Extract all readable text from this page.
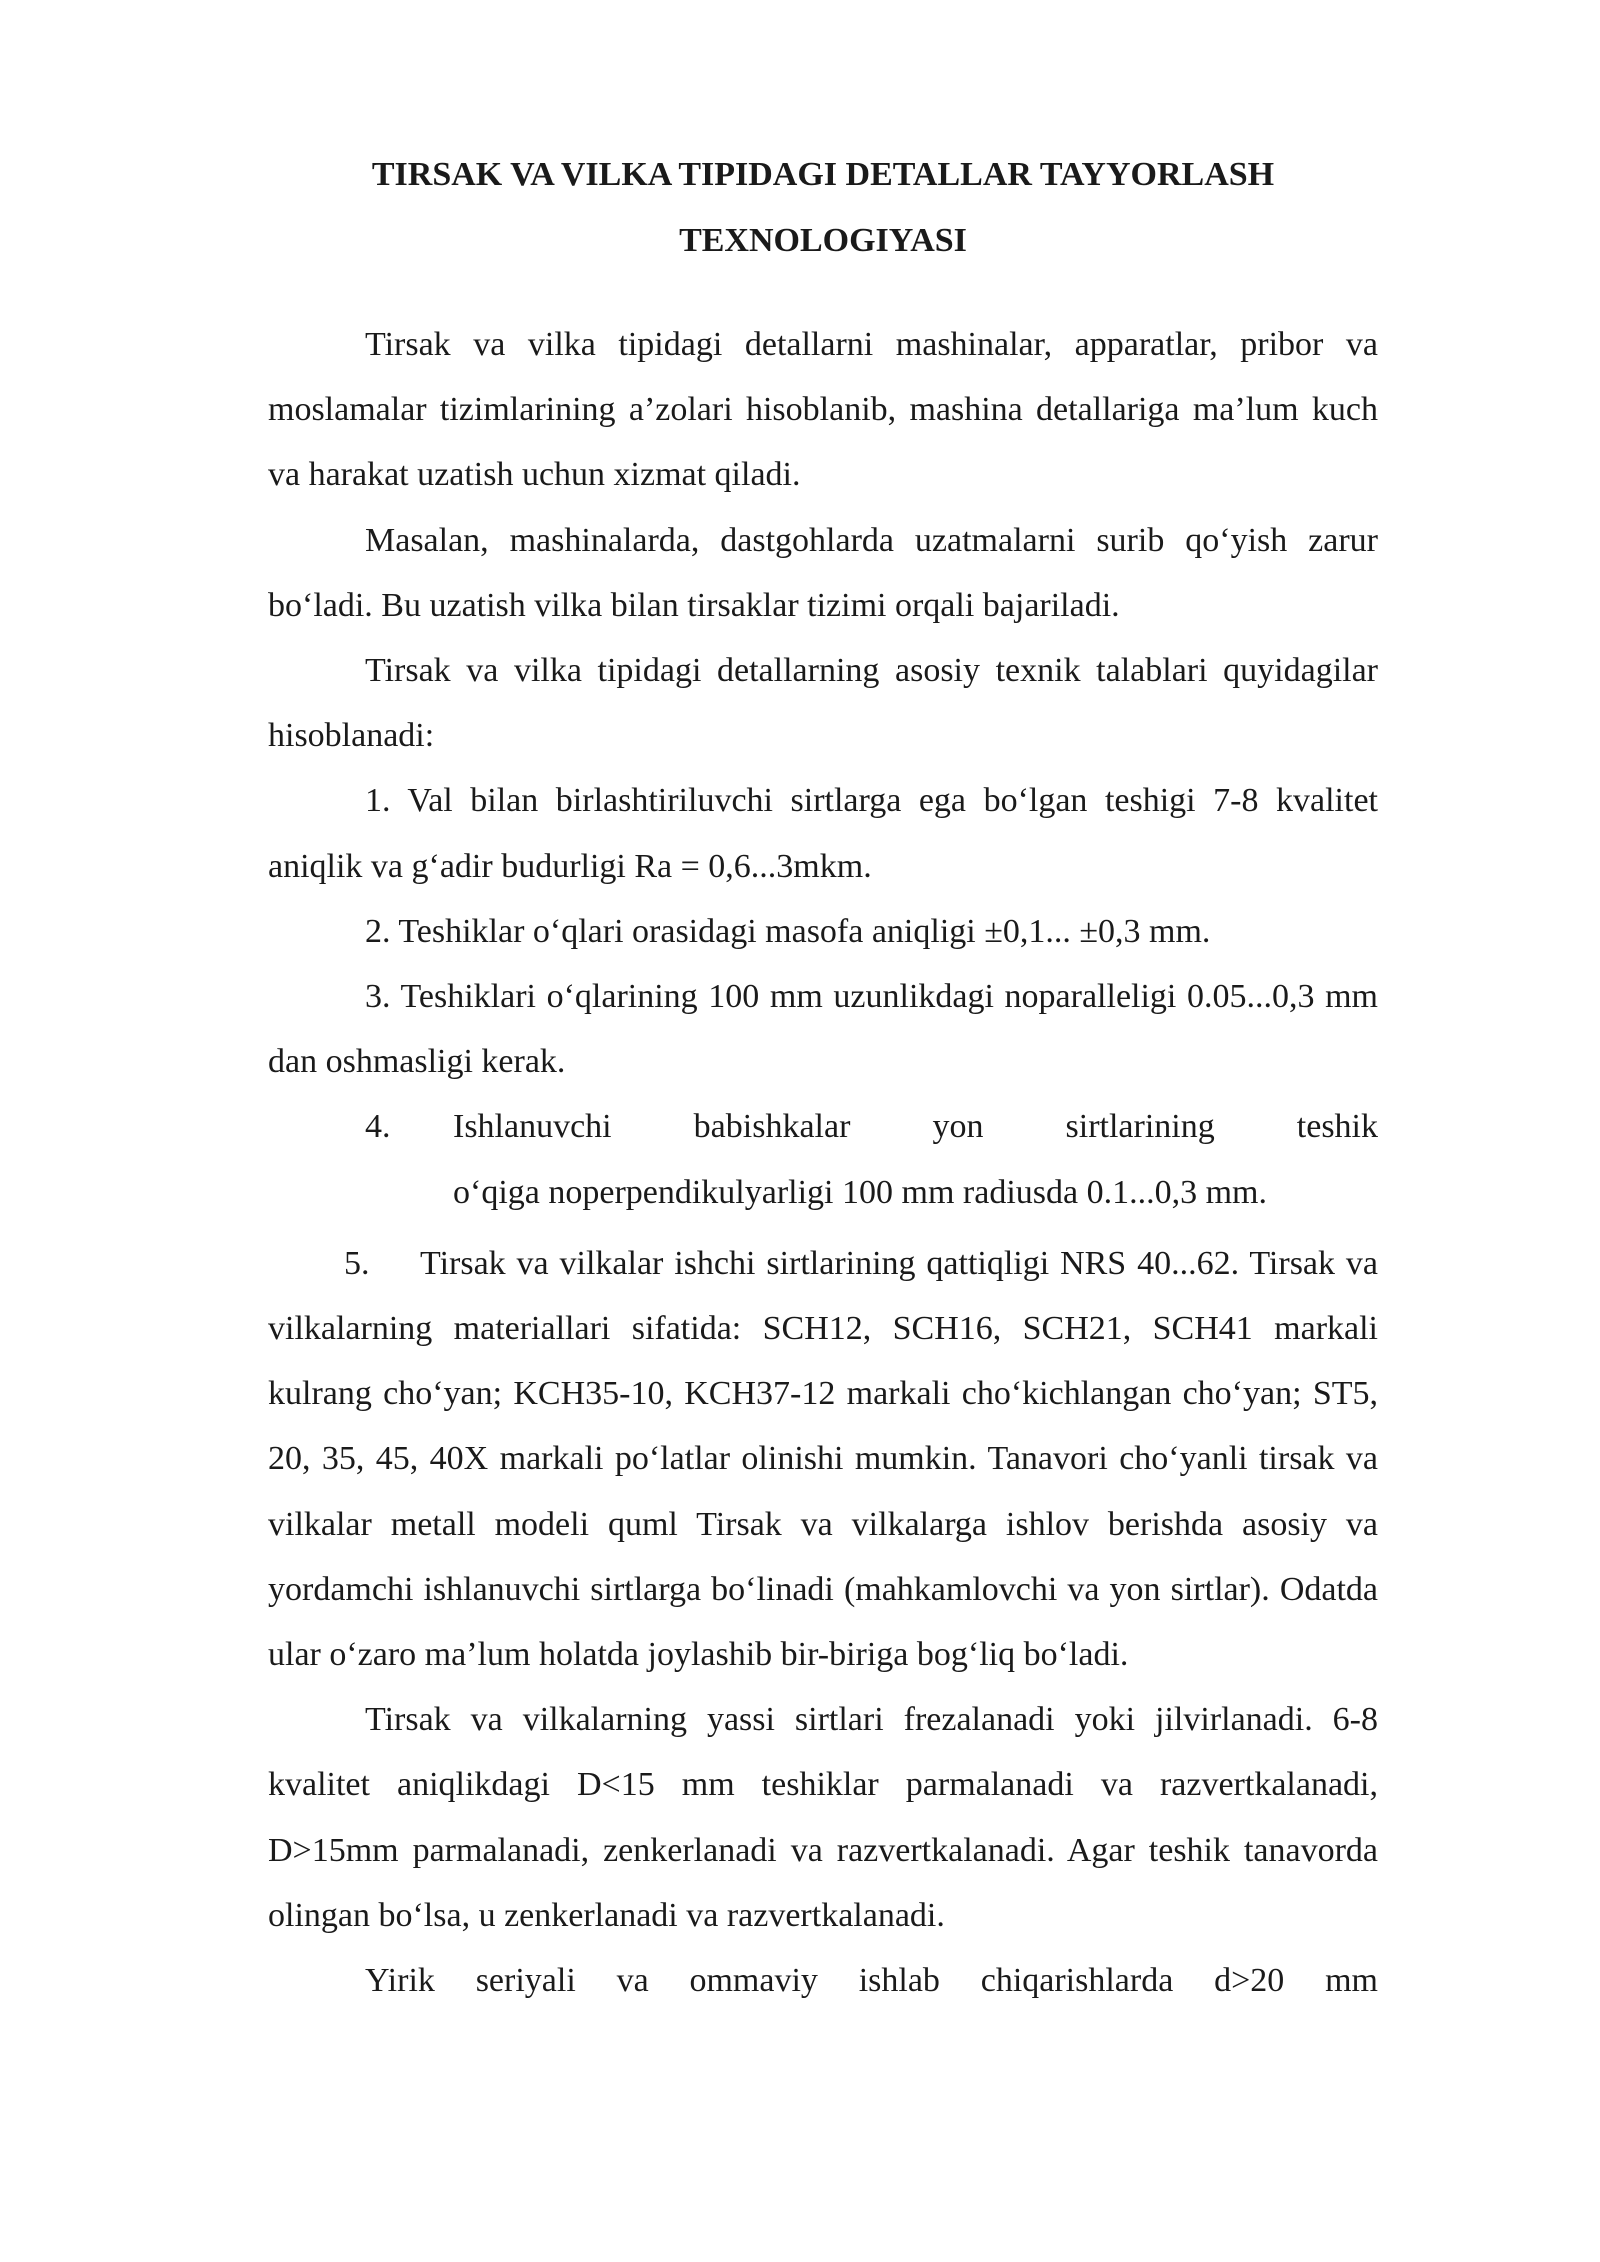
TIRSAK VA VILKA TIPIDAGI DETALLAR TAYYORLASH
TEXNOLOGIYASI

Tirsak va vilka tipidagi detallarni mashinalar, apparatlar, pribor va moslamalar tizimlarining a’zolari hisoblanib, mashina detallariga ma’lum kuch va harakat uzatish uchun xizmat qiladi.

Masalan, mashinalarda, dastgohlarda uzatmalarni surib qo‘yish zarur bo‘ladi. Bu uzatish vilka bilan tirsaklar tizimi orqali bajariladi.

Tirsak va vilka tipidagi detallarning asosiy texnik talablari quyidagilar hisoblanadi:

1. Val bilan birlashtiriluvchi sirtlarga ega bo‘lgan teshigi 7-8 kvalitet aniqlik va g‘adir budurligi Ra = 0,6...3mkm.

2. Teshiklar o‘qlari orasidagi masofa aniqligi ±0,1... ±0,3 mm.

3. Teshiklari o‘qlarining 100 mm uzunlikdagi noparalleligi 0.05...0,3 mm dan oshmasligi kerak.

4.	Ishlanuvchi babishkalar yon sirtlarining teshik
o‘qiga noperpendikulyarligi 100 mm radiusda 0.1...0,3 mm.

5. Tirsak va vilkalar ishchi sirtlarining qattiqligi NRS 40...62. Tirsak va vilkalarning materiallari sifatida: SCH12, SCH16, SCH21, SCH41 markali kulrang cho‘yan; KCH35-10, KCH37-12 markali cho‘kichlangan cho‘yan; ST5, 20, 35, 45, 40X markali po‘latlar olinishi mumkin. Tanavori cho‘yanli tirsak va vilkalar metall modeli quml Tirsak va vilkalarga ishlov berishda asosiy va yordamchi ishlanuvchi sirtlarga bo‘linadi (mahkamlovchi va yon sirtlar). Odatda ular o‘zaro ma’lum holatda joylashib bir-biriga bog‘liq bo‘ladi.

Tirsak va vilkalarning yassi sirtlari frezalanadi yoki jilvirlanadi. 6-8 kvalitet aniqlikdagi D<15 mm teshiklar parmalanadi va razvertkalanadi, D>15mm parmalanadi, zenkerlanadi va razvertkalanadi. Agar teshik tanavorda olingan bo‘lsa, u zenkerlanadi va razvertkalanadi.

Yirik seriyali va ommaviy ishlab chiqarishlarda d>20 mm
